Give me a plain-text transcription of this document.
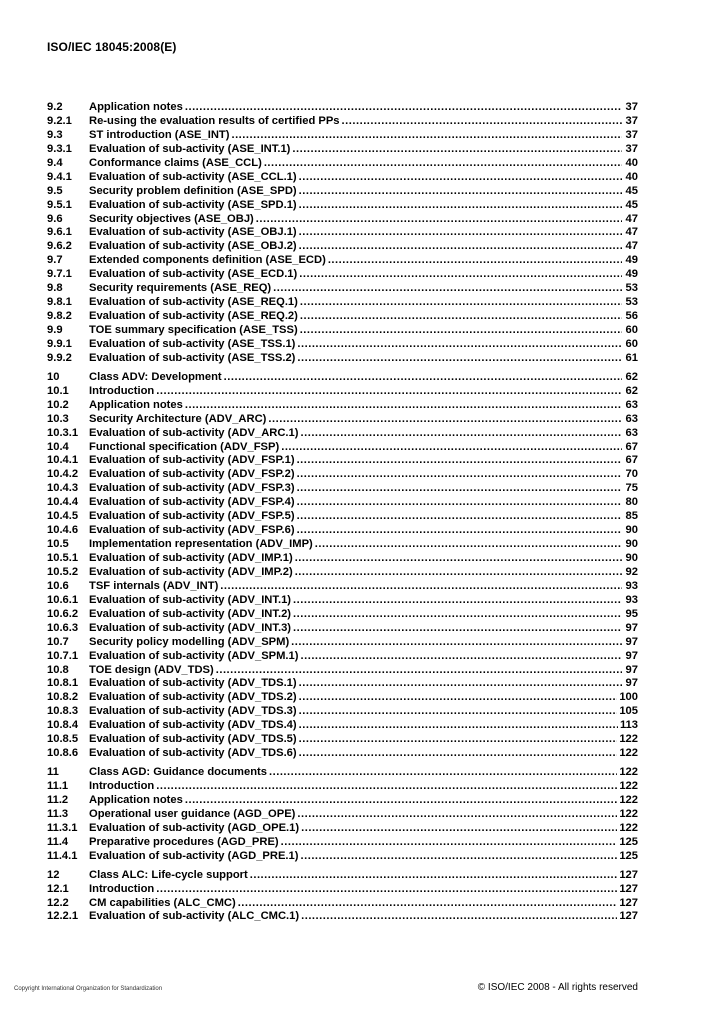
ISO/IEC 18045:2008(E)
9.2	Application notes .....	37
9.2.1	Re-using the evaluation results of certified PPs .....	37
9.3	ST introduction (ASE_INT) .....	37
9.3.1	Evaluation of sub-activity (ASE_INT.1) .....	37
9.4	Conformance claims (ASE_CCL) .....	40
9.4.1	Evaluation of sub-activity (ASE_CCL.1) .....	40
9.5	Security problem definition (ASE_SPD) .....	45
9.5.1	Evaluation of sub-activity (ASE_SPD.1) .....	45
9.6	Security objectives (ASE_OBJ) .....	47
9.6.1	Evaluation of sub-activity (ASE_OBJ.1) .....	47
9.6.2	Evaluation of sub-activity (ASE_OBJ.2) .....	47
9.7	Extended components definition (ASE_ECD) .....	49
9.7.1	Evaluation of sub-activity (ASE_ECD.1) .....	49
9.8	Security requirements (ASE_REQ) .....	53
9.8.1	Evaluation of sub-activity (ASE_REQ.1) .....	53
9.8.2	Evaluation of sub-activity (ASE_REQ.2) .....	56
9.9	TOE summary specification (ASE_TSS) .....	60
9.9.1	Evaluation of sub-activity (ASE_TSS.1) .....	60
9.9.2	Evaluation of sub-activity (ASE_TSS.2) .....	61
10	Class ADV: Development .....	62
10.1	Introduction .....	62
10.2	Application notes .....	63
10.3	Security Architecture (ADV_ARC) .....	63
10.3.1 Evaluation of sub-activity (ADV_ARC.1) .....	63
10.4	Functional specification (ADV_FSP) .....	67
10.4.1 Evaluation of sub-activity (ADV_FSP.1) .....	67
10.4.2 Evaluation of sub-activity (ADV_FSP.2) .....	70
10.4.3 Evaluation of sub-activity (ADV_FSP.3) .....	75
10.4.4 Evaluation of sub-activity (ADV_FSP.4) .....	80
10.4.5 Evaluation of sub-activity (ADV_FSP.5) .....	85
10.4.6 Evaluation of sub-activity (ADV_FSP.6) .....	90
10.5	Implementation representation (ADV_IMP) .....	90
10.5.1 Evaluation of sub-activity (ADV_IMP.1) .....	90
10.5.2 Evaluation of sub-activity (ADV_IMP.2) .....	92
10.6	TSF internals (ADV_INT) .....	93
10.6.1 Evaluation of sub-activity (ADV_INT.1) .....	93
10.6.2 Evaluation of sub-activity (ADV_INT.2) .....	95
10.6.3 Evaluation of sub-activity (ADV_INT.3) .....	97
10.7	Security policy modelling (ADV_SPM) .....	97
10.7.1 Evaluation of sub-activity (ADV_SPM.1) .....	97
10.8	TOE design (ADV_TDS) .....	97
10.8.1 Evaluation of sub-activity (ADV_TDS.1) .....	97
10.8.2 Evaluation of sub-activity (ADV_TDS.2) .....	100
10.8.3 Evaluation of sub-activity (ADV_TDS.3) .....	105
10.8.4 Evaluation of sub-activity (ADV_TDS.4) .....	113
10.8.5 Evaluation of sub-activity (ADV_TDS.5) .....	122
10.8.6 Evaluation of sub-activity (ADV_TDS.6) .....	122
11	Class AGD: Guidance documents .....	122
11.1	Introduction .....	122
11.2	Application notes .....	122
11.3	Operational user guidance (AGD_OPE) .....	122
11.3.1	Evaluation of sub-activity (AGD_OPE.1) .....	122
11.4	Preparative procedures (AGD_PRE) .....	125
11.4.1	Evaluation of sub-activity (AGD_PRE.1) .....	125
12	Class ALC: Life-cycle support .....	127
12.1	Introduction .....	127
12.2	CM capabilities (ALC_CMC) .....	127
12.2.1 Evaluation of sub-activity (ALC_CMC.1) .....	127
Copyright International Organization for Standardization	© ISO/IEC 2008 - All rights reserved
